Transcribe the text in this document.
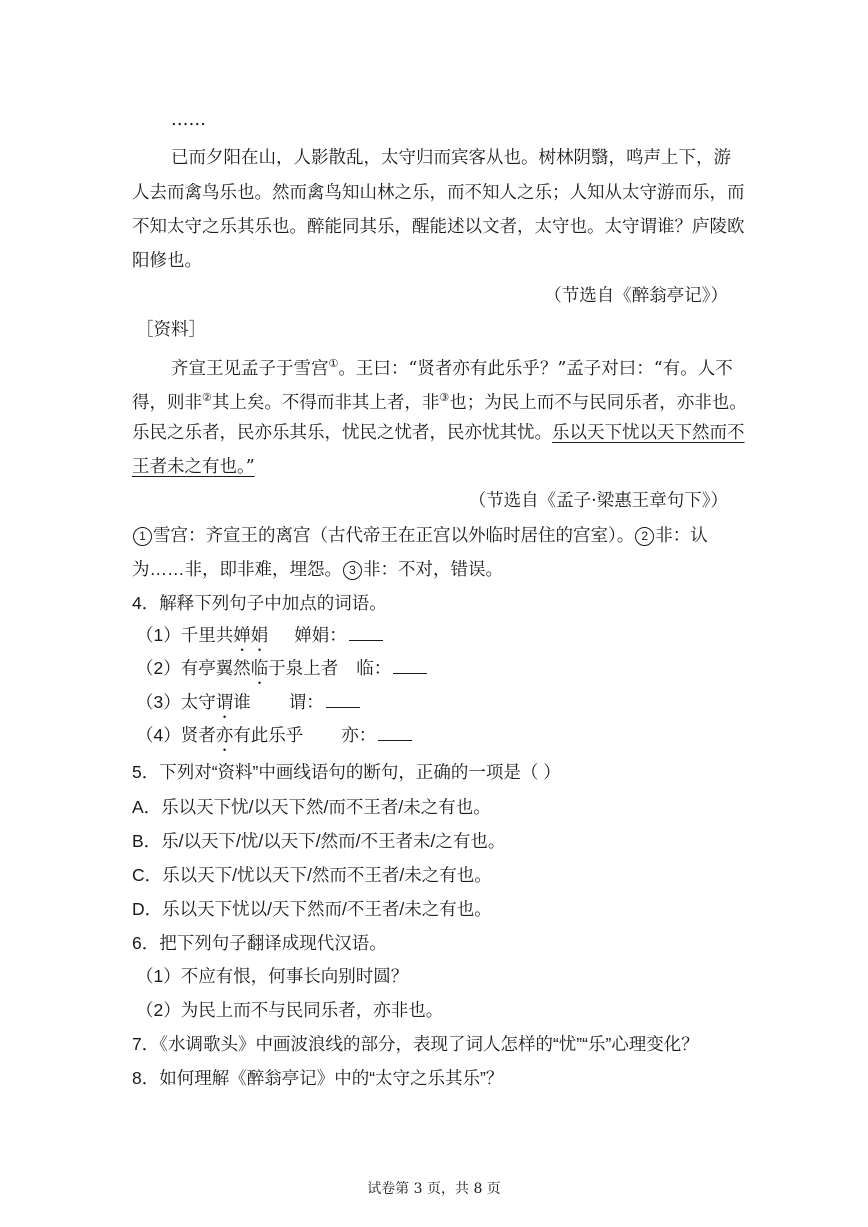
……
已而夕阳在山，人影散乱，太守归而宾客从也。树林阴翳，鸣声上下，游
人去而禽鸟乐也。然而禽鸟知山林之乐，而不知人之乐；人知从太守游而乐，而
不知太守之乐其乐也。醉能同其乐，醒能述以文者，太守也。太守谓谁？庐陵欧
阳修也。
（节选自《醉翁亭记》）
［资料］
齐宣王见孟子于雪宫①。王曰：“贤者亦有此乐乎？”孟子对曰：“有。人不
得，则非②其上矣。不得而非其上者，非③也；为民上而不与民同乐者，亦非也。
乐民之乐者，民亦乐其乐，忧民之忧者，民亦忧其忧。乐以天下忧以天下然而不
王者未之有也。”
（节选自《孟子·梁惠王章句下》）
1 雪宫：齐宣王的离宫（古代帝王在正宫以外临时居住的宫室）。 2 非：认
为……非，即非难，埋怨。 3 非：不对，错误。
4．解释下列句子中加点的词语。
（1）千里共婵娟 婵娟：
（2）有亭翼然临于泉上者 临：
（3）太守谓谁 谓：
（4）贤者亦有此乐乎 亦：
5．下列对“资料”中画线语句的断句，正确的一项是（ ）
A．乐以天下忧/以天下然/而不王者/未之有也。
B．乐/以天下/忧/以天下/然而/不王者未/之有也。
C．乐以天下/忧以天下/然而不王者/未之有也。
D．乐以天下忧以/天下然而/不王者/未之有也。
6．把下列句子翻译成现代汉语。
（1）不应有恨，何事长向别时圆？
（2）为民上而不与民同乐者，亦非也。
7．《水调歌头》中画波浪线的部分，表现了词人怎样的“忧”“乐”心理变化？
8．如何理解《醉翁亭记》中的“太守之乐其乐”？
试卷第 3 页，共 8 页
